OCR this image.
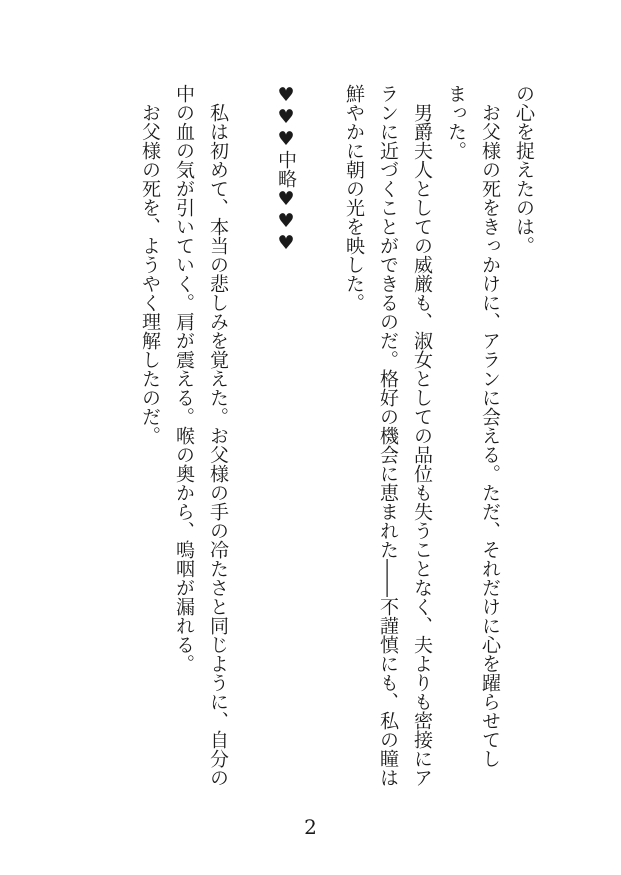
の心を捉えたのは。
　お父様の死をきっかけに、アランに会える。ただ、それだけに心を躍らせてし
まった。
　男爵夫人としての威厳も、淑女としての品位も失うことなく、夫よりも密接にア
ランに近づくことができるのだ。格好の機会に恵まれた――不謹慎にも、私の瞳は
鮮やかに朝の光を映した。
♥♥♥中略♥♥♥
　私は初めて、本当の悲しみを覚えた。お父様の手の冷たさと同じように、自分の
中の血の気が引いていく。肩が震える。喉の奥から、嗚咽が漏れる。
　お父様の死を、ようやく理解したのだ。
2
